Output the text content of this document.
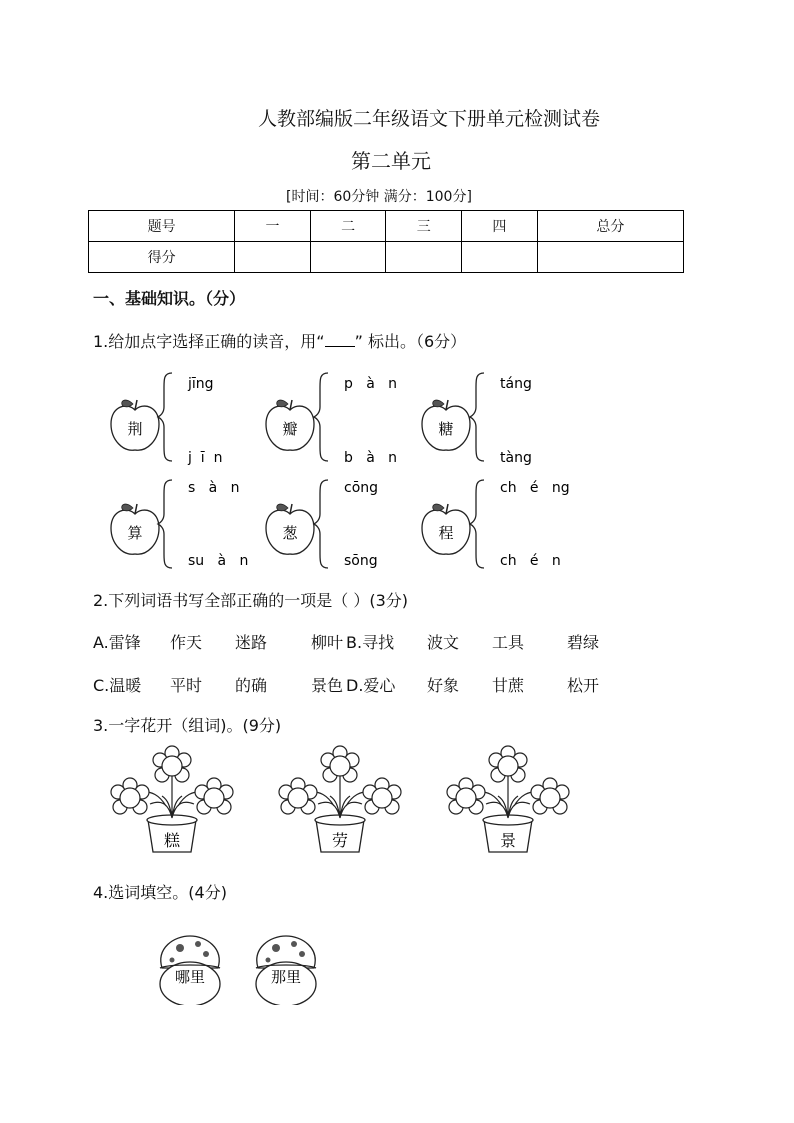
人教部编版二年级语文下册单元检测试卷
第二单元
[时间：60分钟 满分：100分]
题号	一	二	三	四	总分
得分					
一、基础知识。（分）
1.给加点字选择正确的读音，用“ ” 标出。（6分）
荆
jīng
j  ī  n
瓣
p   à   n
b   à   n
糖
táng
tàng
算
s   à   n
su   à   n
葱
cōng
sōng
程
ch   é   ng
ch   é   n
2.下列词语书写全部正确的一项是（ ）(3分)
A.雷锋 作天 迷路	柳叶 B.寻找 波文 工具	碧绿
C.温暖 平时 的确	景色 D.爱心 好象 甘蔗	松开
3.一字花开（组词)。(9分)
糕	劳	景
4.选词填空。(4分)
哪里	那里
